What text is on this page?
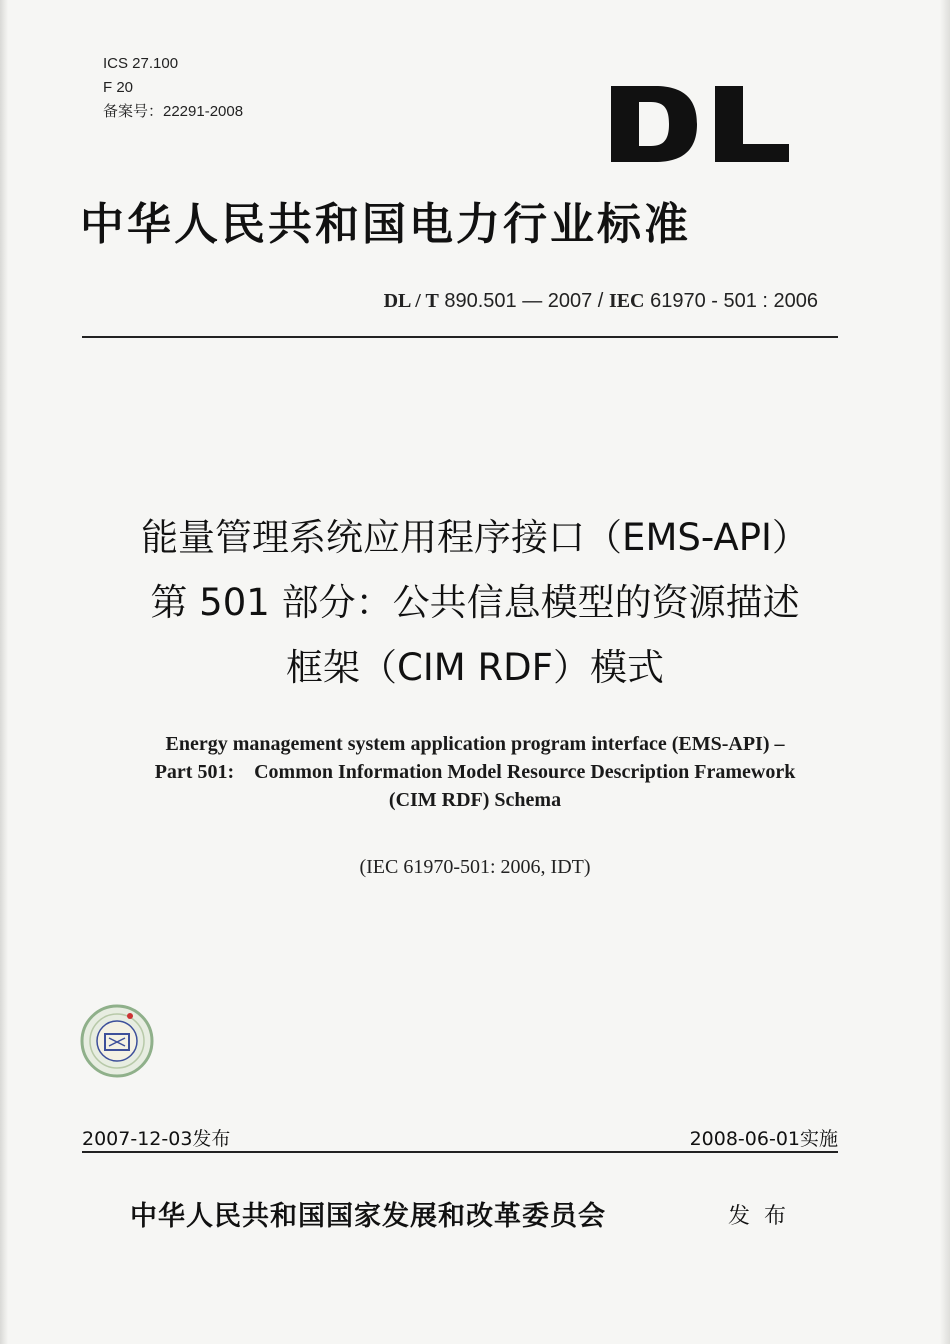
ICS 27.100
F 20
备案号：22291-2008
中华人民共和国电力行业标准
DL / T 890.501 — 2007 / IEC 61970 - 501 : 2006
能量管理系统应用程序接口（EMS-API）
第 501 部分：公共信息模型的资源描述
框架（CIM RDF）模式
Energy management system application program interface (EMS-API) –
Part 501:    Common Information Model Resource Description Framework
(CIM RDF) Schema
(IEC 61970-501: 2006, IDT)
2007-12-03发布	2008-06-01实施
中华人民共和国国家发展和改革委员会	发布
